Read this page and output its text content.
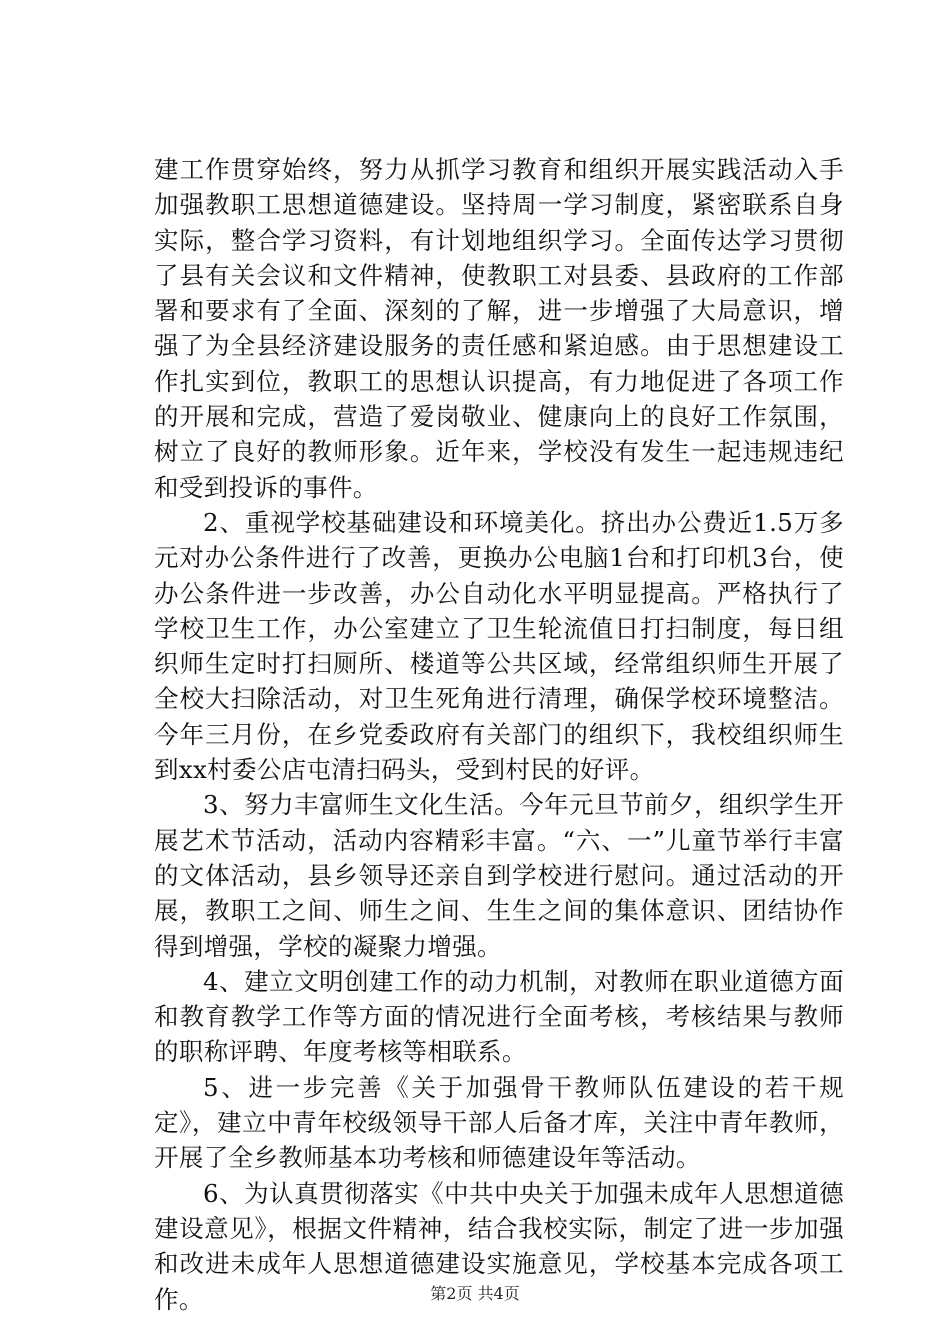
建工作贯穿始终，努力从抓学习教育和组织开展实践活动入手加强教职工思想道德建设。坚持周一学习制度，紧密联系自身实际，整合学习资料，有计划地组织学习。全面传达学习贯彻了县有关会议和文件精神，使教职工对县委、县政府的工作部署和要求有了全面、深刻的了解，进一步增强了大局意识，增强了为全县经济建设服务的责任感和紧迫感。由于思想建设工作扎实到位，教职工的思想认识提高，有力地促进了各项工作的开展和完成，营造了爱岗敬业、健康向上的良好工作氛围，树立了良好的教师形象。近年来，学校没有发生一起违规违纪和受到投诉的事件。

2、重视学校基础建设和环境美化。挤出办公费近1.5万多元对办公条件进行了改善，更换办公电脑1台和打印机3台，使办公条件进一步改善，办公自动化水平明显提高。严格执行了学校卫生工作，办公室建立了卫生轮流值日打扫制度，每日组织师生定时打扫厕所、楼道等公共区域，经常组织师生开展了全校大扫除活动，对卫生死角进行清理，确保学校环境整洁。今年三月份，在乡党委政府有关部门的组织下，我校组织师生到xx村委公店屯清扫码头，受到村民的好评。

3、努力丰富师生文化生活。今年元旦节前夕，组织学生开展艺术节活动，活动内容精彩丰富。“六、一”儿童节举行丰富的文体活动，县乡领导还亲自到学校进行慰问。通过活动的开展，教职工之间、师生之间、生生之间的集体意识、团结协作得到增强，学校的凝聚力增强。

4、建立文明创建工作的动力机制，对教师在职业道德方面和教育教学工作等方面的情况进行全面考核，考核结果与教师的职称评聘、年度考核等相联系。

5、进一步完善《关于加强骨干教师队伍建设的若干规定》，建立中青年校级领导干部人后备才库，关注中青年教师，开展了全乡教师基本功考核和师德建设年等活动。

6、为认真贯彻落实《中共中央关于加强未成年人思想道德建设意见》，根据文件精神，结合我校实际，制定了进一步加强和改进未成年人思想道德建设实施意见，学校基本完成各项工作。	第2页 共4页
